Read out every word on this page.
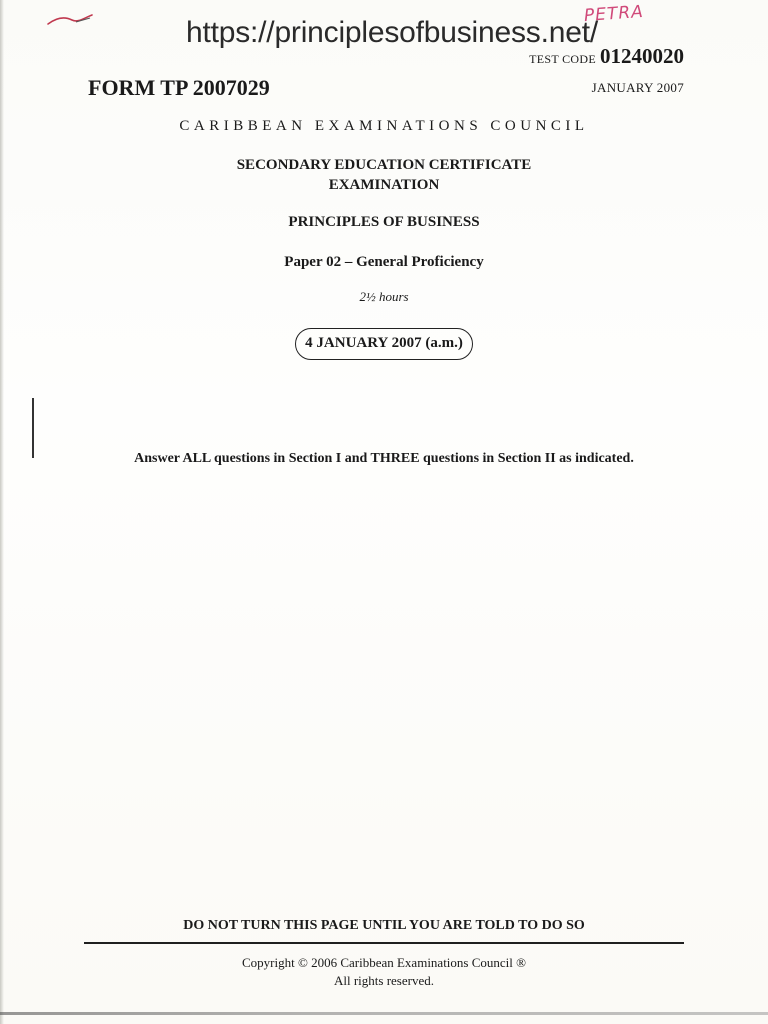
https://principlesofbusiness.net/
PETRA
TEST CODE 01240020
FORM TP 2007029	JANUARY 2007
CARIBBEAN EXAMINATIONS COUNCIL
SECONDARY EDUCATION CERTIFICATE
EXAMINATION
PRINCIPLES OF BUSINESS
Paper 02 – General Proficiency
2½ hours
4 JANUARY 2007 (a.m.)
Answer ALL questions in Section I and THREE questions in Section II as indicated.
DO NOT TURN THIS PAGE UNTIL YOU ARE TOLD TO DO SO
Copyright © 2006 Caribbean Examinations Council ®
All rights reserved.
